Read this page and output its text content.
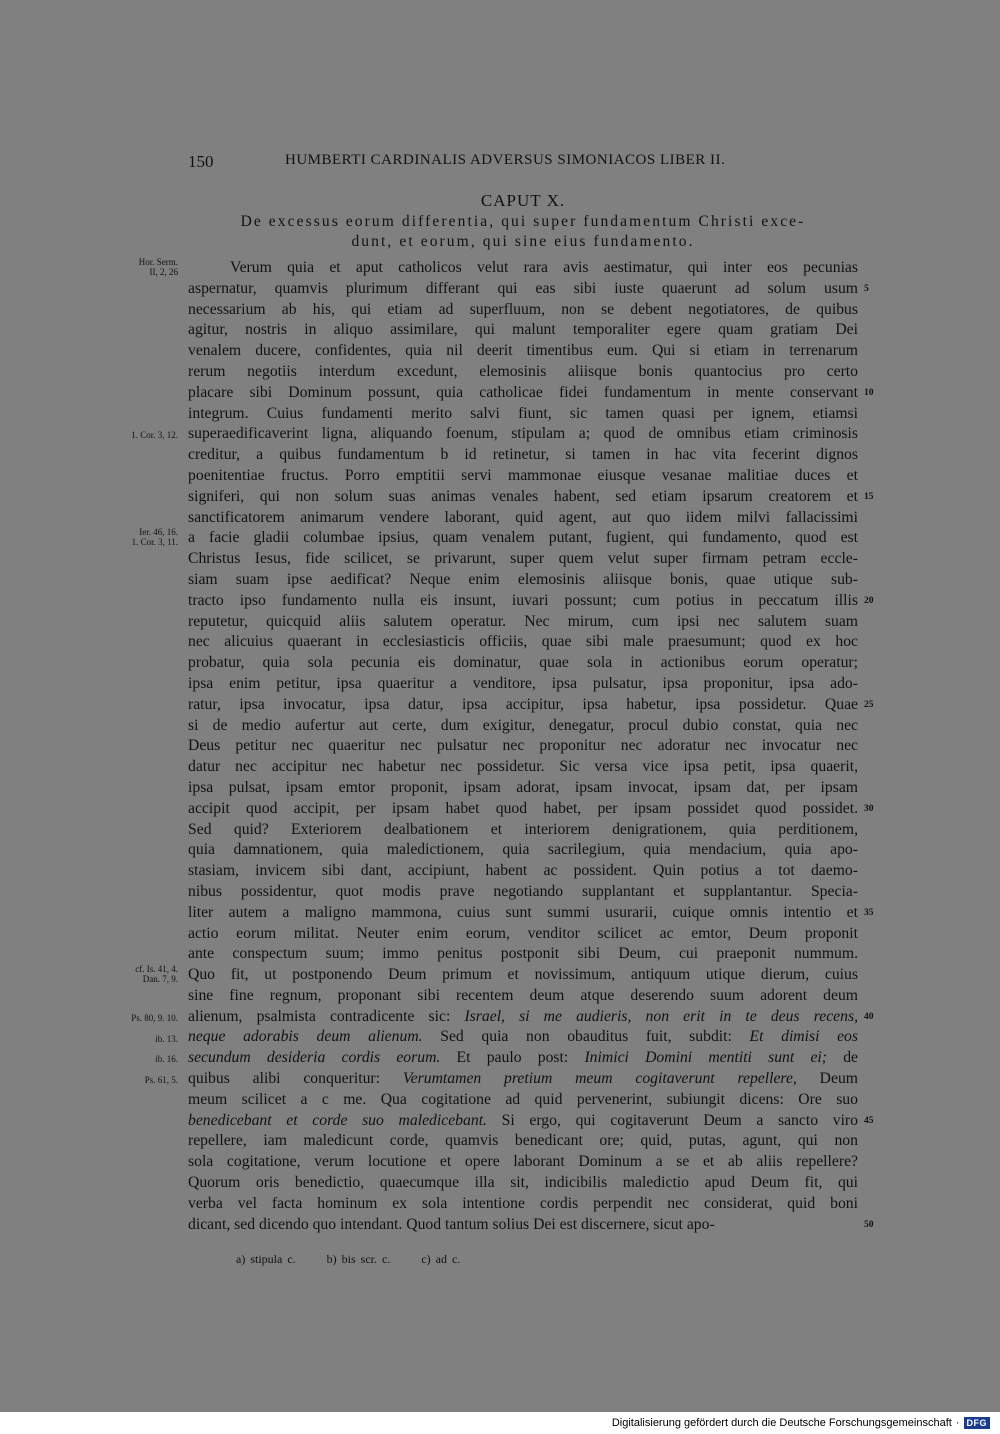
150	HUMBERTI CARDINALIS ADVERSUS SIMONIACOS LIBER II.
CAPUT X.
De excessus eorum differentia, qui super fundamentum Christi exce-
dunt, et eorum, qui sine eius fundamento.
Verum quia et aput catholicos velut rara avis aestimatur, qui inter eos pecunias
aspernatur, quamvis plurimum differant qui eas sibi iuste quaerunt ad solum usum
necessarium ab his, qui etiam ad superfluum, non se debent negotiatores, de quibus
agitur, nostris in aliquo assimilare, qui malunt temporaliter egere quam gratiam Dei
venalem ducere, confidentes, quia nil deerit timentibus eum. Qui si etiam in terrenarum
rerum negotiis interdum excedunt, elemosinis aliisque bonis quantocius pro certo
placare sibi Dominum possunt, quia catholicae fidei fundamentum in mente conservant
integrum. Cuius fundamenti merito salvi fiunt, sic tamen quasi per ignem, etiamsi
superaedificaverint ligna, aliquando foenum, stipulam a; quod de omnibus etiam criminosis
creditur, a quibus fundamentum b id retinetur, si tamen in hac vita fecerint dignos
poenitentiae fructus. Porro emptitii servi mammonae eiusque vesanae malitiae duces et
signiferi, qui non solum suas animas venales habent, sed etiam ipsarum creatorem et
sanctificatorem animarum vendere laborant, quid agent, aut quo iidem milvi fallacissimi
a facie gladii columbae ipsius, quam venalem putant, fugient, qui fundamento, quod est
Christus Iesus, fide scilicet, se privarunt, super quem velut super firmam petram eccle-
siam suam ipse aedificat? Neque enim elemosinis aliisque bonis, quae utique sub-
tracto ipso fundamento nulla eis insunt, iuvari possunt; cum potius in peccatum illis
reputetur, quicquid aliis salutem operatur. Nec mirum, cum ipsi nec salutem suam
nec alicuius quaerant in ecclesiasticis officiis, quae sibi male praesumunt; quod ex hoc
probatur, quia sola pecunia eis dominatur, quae sola in actionibus eorum operatur;
ipsa enim petitur, ipsa quaeritur a venditore, ipsa pulsatur, ipsa proponitur, ipsa ado-
ratur, ipsa invocatur, ipsa datur, ipsa accipitur, ipsa habetur, ipsa possidetur. Quae
si de medio aufertur aut certe, dum exigitur, denegatur, procul dubio constat, quia nec
Deus petitur nec quaeritur nec pulsatur nec proponitur nec adoratur nec invocatur nec
datur nec accipitur nec habetur nec possidetur. Sic versa vice ipsa petit, ipsa quaerit,
ipsa pulsat, ipsam emtor proponit, ipsam adorat, ipsam invocat, ipsam dat, per ipsam
accipit quod accipit, per ipsam habet quod habet, per ipsam possidet quod possidet.
Sed quid? Exteriorem dealbationem et interiorem denigrationem, quia perditionem,
quia damnationem, quia maledictionem, quia sacrilegium, quia mendacium, quia apo-
stasiam, invicem sibi dant, accipiunt, habent ac possident. Quin potius a tot daemo-
nibus possidentur, quot modis prave negotiando supplantant et supplantantur. Specia-
liter autem a maligno mammona, cuius sunt summi usurarii, cuique omnis intentio et
actio eorum militat. Neuter enim eorum, venditor scilicet ac emtor, Deum proponit
ante conspectum suum; immo penitus postponit sibi Deum, cui praeponit nummum.
Quo fit, ut postponendo Deum primum et novissimum, antiquum utique dierum, cuius
sine fine regnum, proponant sibi recentem deum atque deserendo suum adorent deum
alienum, psalmista contradicente sic: Israel, si me audieris, non erit in te deus recens,
neque adorabis deum alienum. Sed quia non obauditus fuit, subdit: Et dimisi eos
secundum desideria cordis eorum. Et paulo post: Inimici Domini mentiti sunt ei; de
quibus alibi conqueritur: Verumtamen pretium meum cogitaverunt repellere, Deum
meum scilicet a c me. Qua cogitatione ad quid pervenerint, subiungit dicens: Ore suo
benedicebant et corde suo maledicebant. Si ergo, qui cogitaverunt Deum a sancto viro
repellere, iam maledicunt corde, quamvis benedicant ore; quid, putas, agunt, qui non
sola cogitatione, verum locutione et opere laborant Dominum a se et ab aliis repellere?
Quorum oris benedictio, quaecumque illa sit, indicibilis maledictio apud Deum fit, qui
verba vel facta hominum ex sola intentione cordis perpendit nec considerat, quid boni
dicant, sed dicendo quo intendant. Quod tantum solius Dei est discernere, sicut apo-
5
10
15
20
25
30
35
40
45
50
a) stipula c.	b) bis scr. c.	c) ad c.
Hor. Serm.
II, 2, 26
1. Cor. 3, 12.
Ier. 46, 16.
1. Cor. 3, 11.
cf. Is. 41, 4.
Dan. 7, 9.
Ps. 80, 9. 10.
ib. 13.
ib. 16.
Ps. 61, 5.
Digitalisierung gefördert durch die Deutsche Forschungsgemeinschaft · DFG
